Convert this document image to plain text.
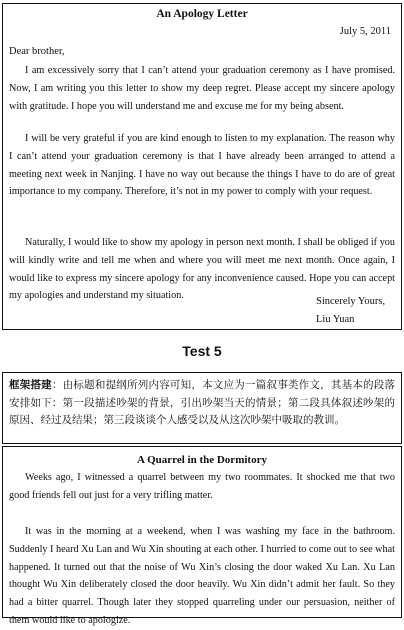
An Apology Letter
July 5, 2011
Dear brother,

I am excessively sorry that I can’t attend your graduation ceremony as I have promised. Now, I am writing you this letter to show my deep regret. Please accept my sincere apology with gratitude. I hope you will understand me and excuse me for my being absent.

I will be very grateful if you are kind enough to listen to my explanation. The reason why I can’t attend your graduation ceremony is that I have already been arranged to attend a meeting next week in Nanjing. I have no way out because the things I have to do are of great importance to my company. Therefore, it’s not in my power to comply with your request.

Naturally, I would like to show my apology in person next month. I shall be obliged if you will kindly write and tell me when and where you will meet me next month. Once again, I would like to express my sincere apology for any inconvenience caused. Hope you can accept my apologies and understand my situation.

Sincerely Yours,
Liu Yuan
Test 5

框架搭建：由标题和提纲所列内容可知，本文应为一篇叙事类作文，其基本的段落安排如下：第一段描述吵架的背景，引出吵架当天的情景；第二段具体叙述吵架的原因、经过及结果；第三段谈谈个人感受以及从这次吵架中吸取的教训。

A Quarrel in the Dormitory

Weeks ago, I witnessed a quarrel between my two roommates. It shocked me that two good friends fell out just for a very trifling matter.

It was in the morning at a weekend, when I was washing my face in the bathroom. Suddenly I heard Xu Lan and Wu Xin shouting at each other. I hurried to come out to see what happened. It turned out that the noise of Wu Xin’s closing the door waked Xu Lan. Xu Lan thought Wu Xin deliberately closed the door heavily. Wu Xin didn’t admit her fault. So they had a bitter quarrel. Though later they stopped quarreling under our persuasion, neither of them would like to apologize.
